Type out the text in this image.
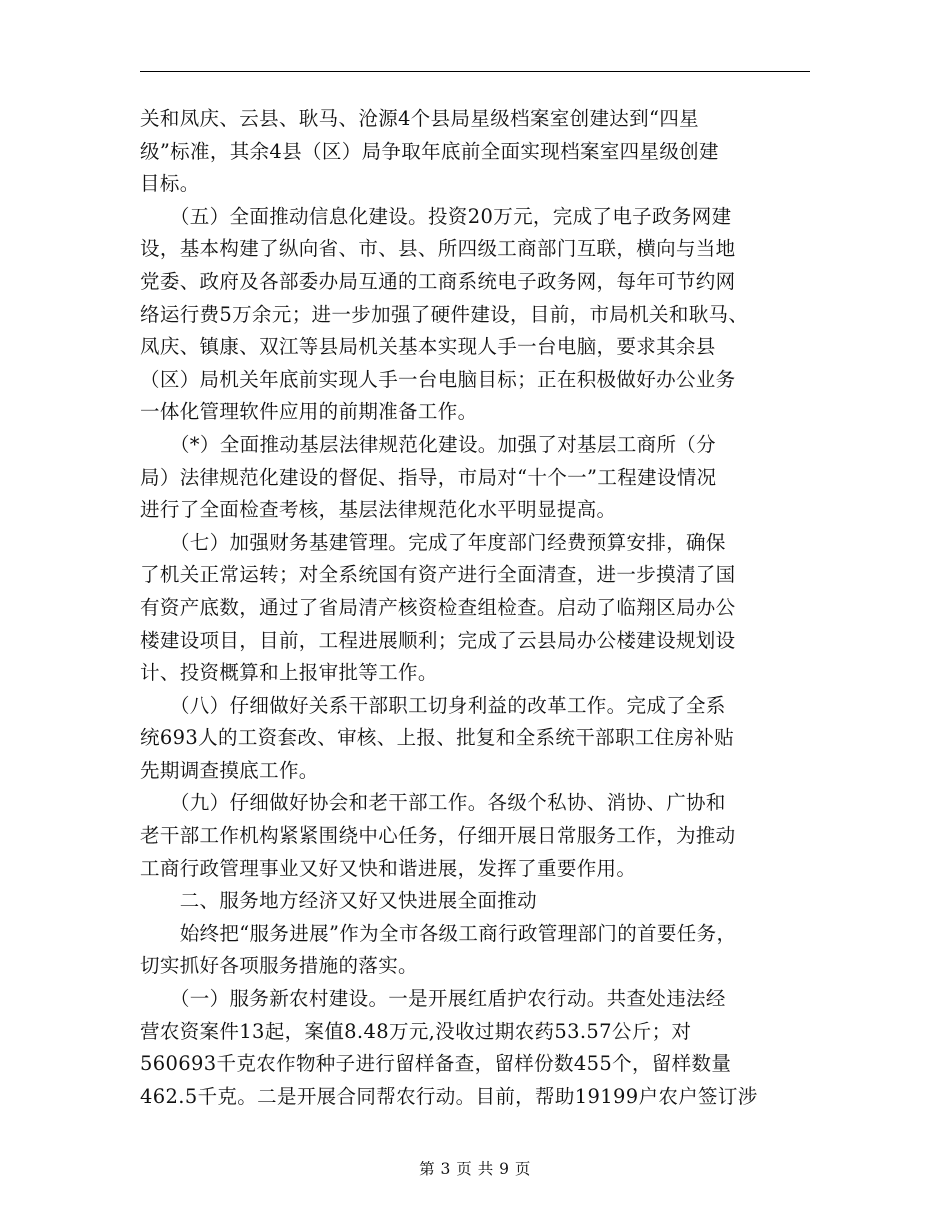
关和凤庆、云县、耿马、沧源4个县局星级档案室创建达到“四星
级”标准，其余4县（区）局争取年底前全面实现档案室四星级创建
目标。
　　（五）全面推动信息化建设。投资20万元，完成了电子政务网建
设，基本构建了纵向省、市、县、所四级工商部门互联，横向与当地
党委、政府及各部委办局互通的工商系统电子政务网，每年可节约网
络运行费5万余元；进一步加强了硬件建设，目前，市局机关和耿马、
凤庆、镇康、双江等县局机关基本实现人手一台电脑，要求其余县
（区）局机关年底前实现人手一台电脑目标；正在积极做好办公业务
一体化管理软件应用的前期准备工作。
　　（*）全面推动基层法律规范化建设。加强了对基层工商所（分
局）法律规范化建设的督促、指导，市局对“十个一”工程建设情况
进行了全面检查考核，基层法律规范化水平明显提高。
　　（七）加强财务基建管理。完成了年度部门经费预算安排，确保
了机关正常运转；对全系统国有资产进行全面清查，进一步摸清了国
有资产底数，通过了省局清产核资检查组检查。启动了临翔区局办公
楼建设项目，目前，工程进展顺利；完成了云县局办公楼建设规划设
计、投资概算和上报审批等工作。
　　（八）仔细做好关系干部职工切身利益的改革工作。完成了全系
统693人的工资套改、审核、上报、批复和全系统干部职工住房补贴
先期调查摸底工作。
　　（九）仔细做好协会和老干部工作。各级个私协、消协、广协和
老干部工作机构紧紧围绕中心任务，仔细开展日常服务工作，为推动
工商行政管理事业又好又快和谐进展，发挥了重要作用。
　　二、服务地方经济又好又快进展全面推动
　　始终把“服务进展”作为全市各级工商行政管理部门的首要任务，
切实抓好各项服务措施的落实。
　　（一）服务新农村建设。一是开展红盾护农行动。共查处违法经
营农资案件13起，案值8.48万元,没收过期农药53.57公斤；对
560693千克农作物种子进行留样备查，留样份数455个，留样数量
462.5千克。二是开展合同帮农行动。目前，帮助19199户农户签订涉
第 3 页 共 9 页
